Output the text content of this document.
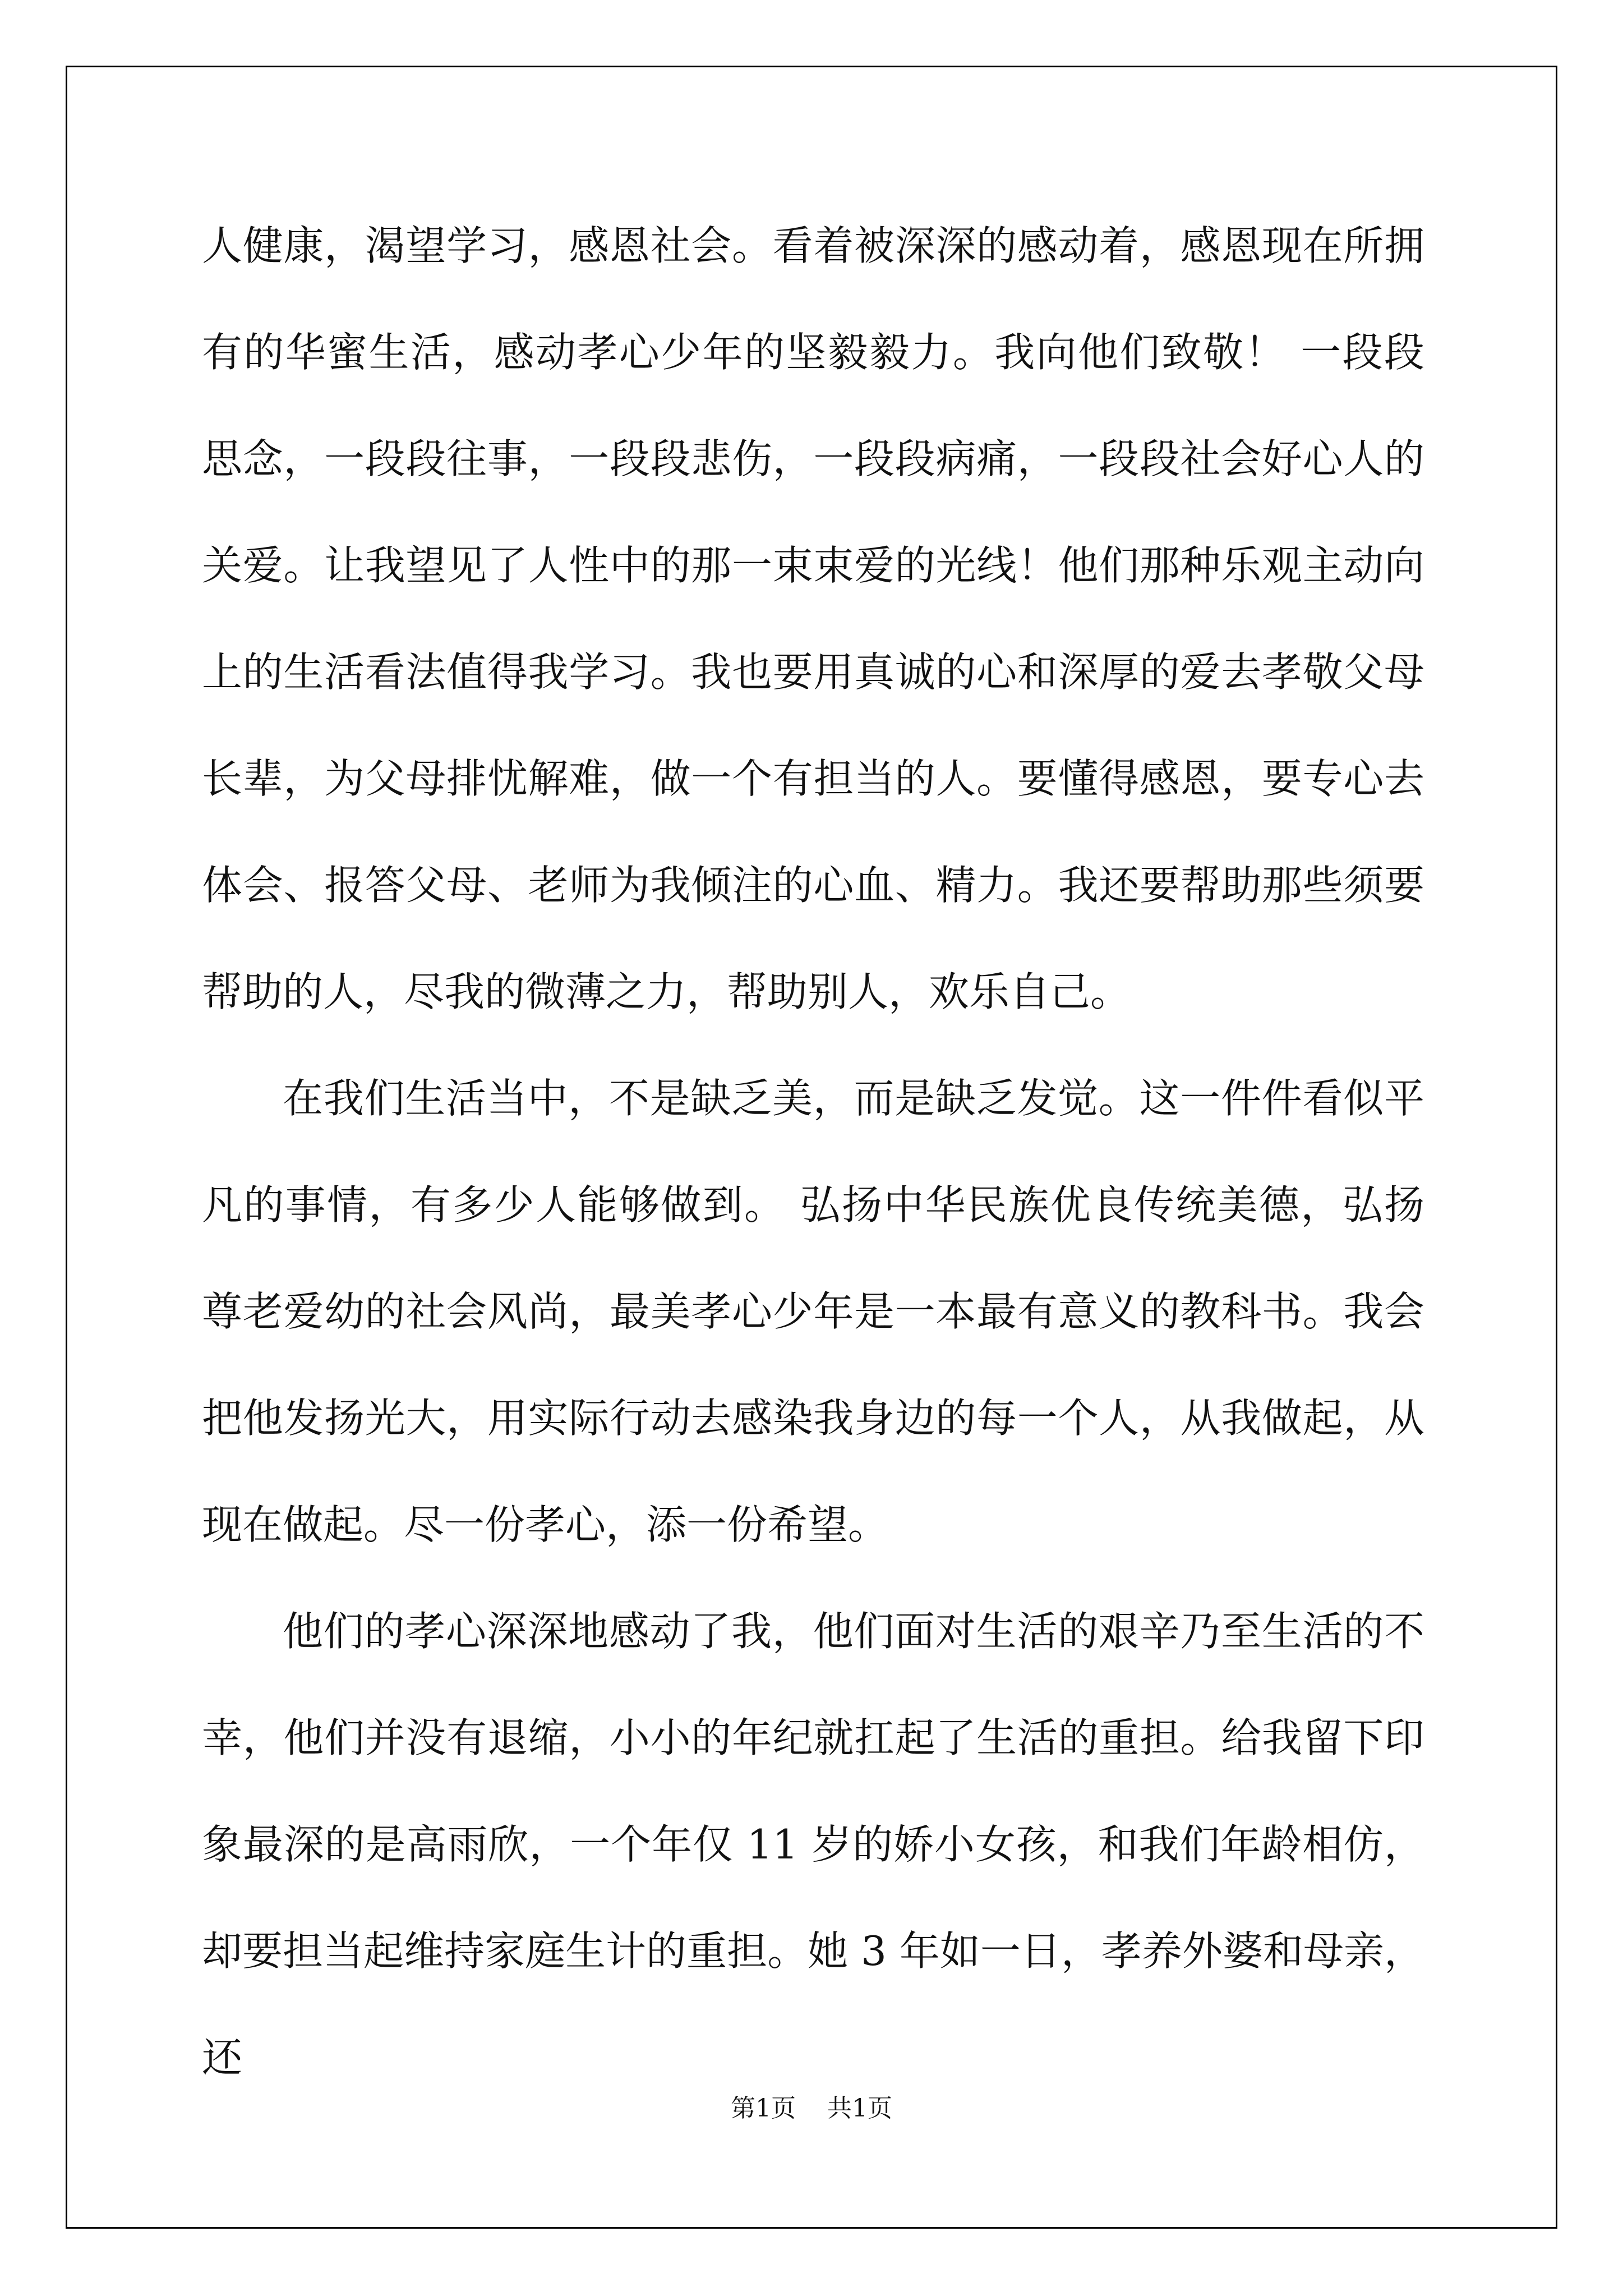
人健康，渴望学习，感恩社会。看着被深深的感动着，感恩现在所拥有的华蜜生活，感动孝心少年的坚毅毅力。我向他们致敬！ 一段段思念，一段段往事，一段段悲伤，一段段病痛，一段段社会好心人的关爱。让我望见了人性中的那一束束爱的光线！他们那种乐观主动向上的生活看法值得我学习。我也要用真诚的心和深厚的爱去孝敬父母长辈，为父母排忧解难，做一个有担当的人。要懂得感恩，要专心去体会、报答父母、老师为我倾注的心血、精力。我还要帮助那些须要帮助的人，尽我的微薄之力，帮助别人，欢乐自己。

在我们生活当中，不是缺乏美，而是缺乏发觉。这一件件看似平凡的事情，有多少人能够做到。 弘扬中华民族优良传统美德，弘扬尊老爱幼的社会风尚，最美孝心少年是一本最有意义的教科书。我会把他发扬光大，用实际行动去感染我身边的每一个人，从我做起，从现在做起。尽一份孝心，添一份希望。

他们的孝心深深地感动了我，他们面对生活的艰辛乃至生活的不幸，他们并没有退缩，小小的年纪就扛起了生活的重担。给我留下印象最深的是高雨欣，一个年仅 11 岁的娇小女孩，和我们年龄相仿，却要担当起维持家庭生计的重担。她 3 年如一日，孝养外婆和母亲，还

第1页 共1页
